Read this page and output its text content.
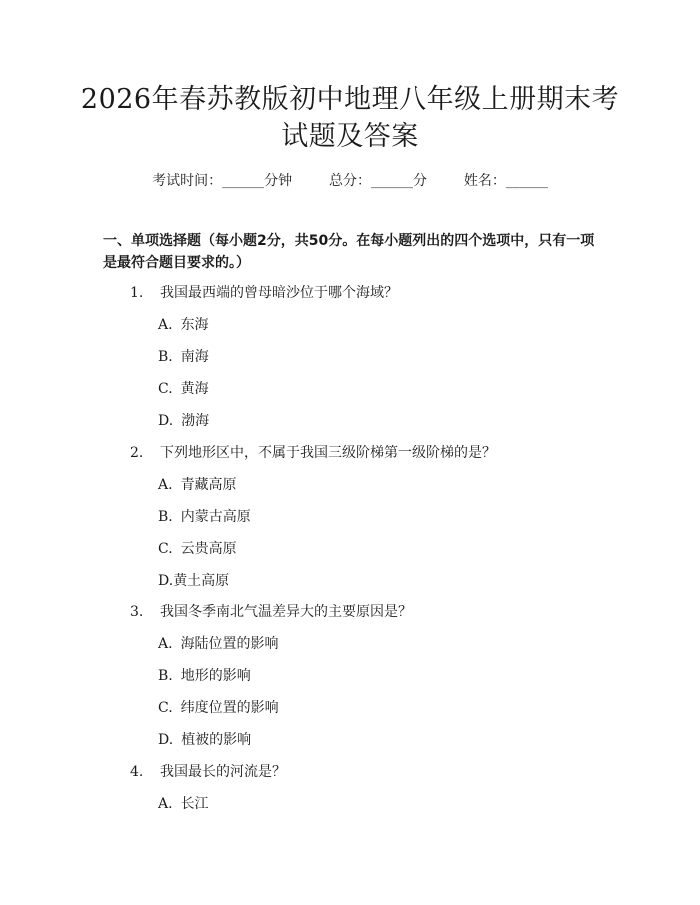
2026年春苏教版初中地理八年级上册期末考
试题及答案
考试时间：______分钟	总分：______分	姓名：______
一、单项选择题（每小题2分，共50分。在每小题列出的四个选项中，只有一项是最符合题目要求的。）
1. 我国最西端的曾母暗沙位于哪个海域？
A. 东海
B. 南海
C. 黄海
D. 渤海
2. 下列地形区中，不属于我国三级阶梯第一级阶梯的是？
A. 青藏高原
B. 内蒙古高原
C. 云贵高原
D.黄土高原
3. 我国冬季南北气温差异大的主要原因是？
A. 海陆位置的影响
B. 地形的影响
C. 纬度位置的影响
D. 植被的影响
4. 我国最长的河流是？
A. 长江
